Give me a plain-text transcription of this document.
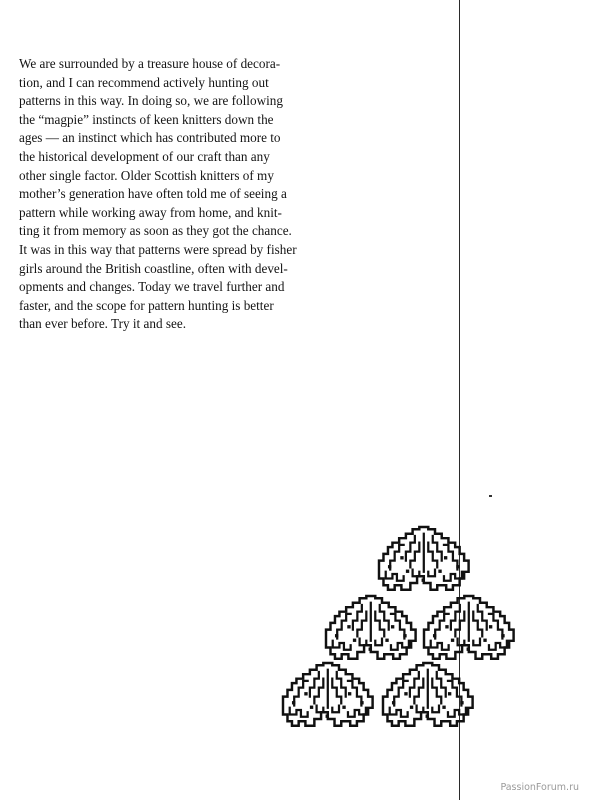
We are surrounded by a treasure house of decora-
tion, and I can recommend actively hunting out
patterns in this way. In doing so, we are following
the “magpie” instincts of keen knitters down the
ages — an instinct which has contributed more to
the historical development of our craft than any
other single factor. Older Scottish knitters of my
mother’s generation have often told me of seeing a
pattern while working away from home, and knit-
ting it from memory as soon as they got the chance.
It was in this way that patterns were spread by fisher
girls around the British coastline, often with devel-
opments and changes. Today we travel further and
faster, and the scope for pattern hunting is better
than ever before. Try it and see.

PassionForum.ru
